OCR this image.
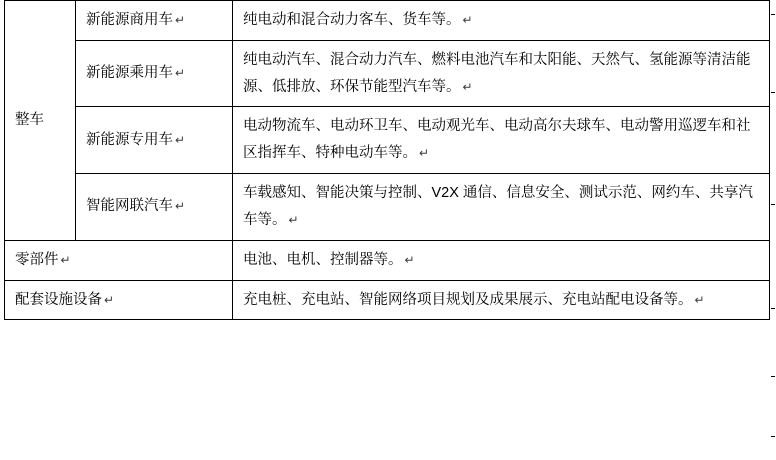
整车	新能源商用车 ↵	纯电动和混合动力客车、货车等。 ↵
	新能源乘用车 ↵	纯电动汽车、混合动力汽车、燃料电池汽车和太阳能、天然气、氢能源等清洁能源、低排放、环保节能型汽车等。 ↵
	新能源专用车 ↵	电动物流车、电动环卫车、电动观光车、电动高尔夫球车、电动警用巡逻车和社区指挥车、特种电动车等。 ↵
	智能网联汽车 ↵	车载感知、智能决策与控制、V2X 通信、信息安全、测试示范、网约车、共享汽车等。 ↵
零部件 ↵		电池、电机、控制器等。 ↵
配套设施设备 ↵		充电桩、充电站、智能网络项目规划及成果展示、充电站配电设备等。 ↵
